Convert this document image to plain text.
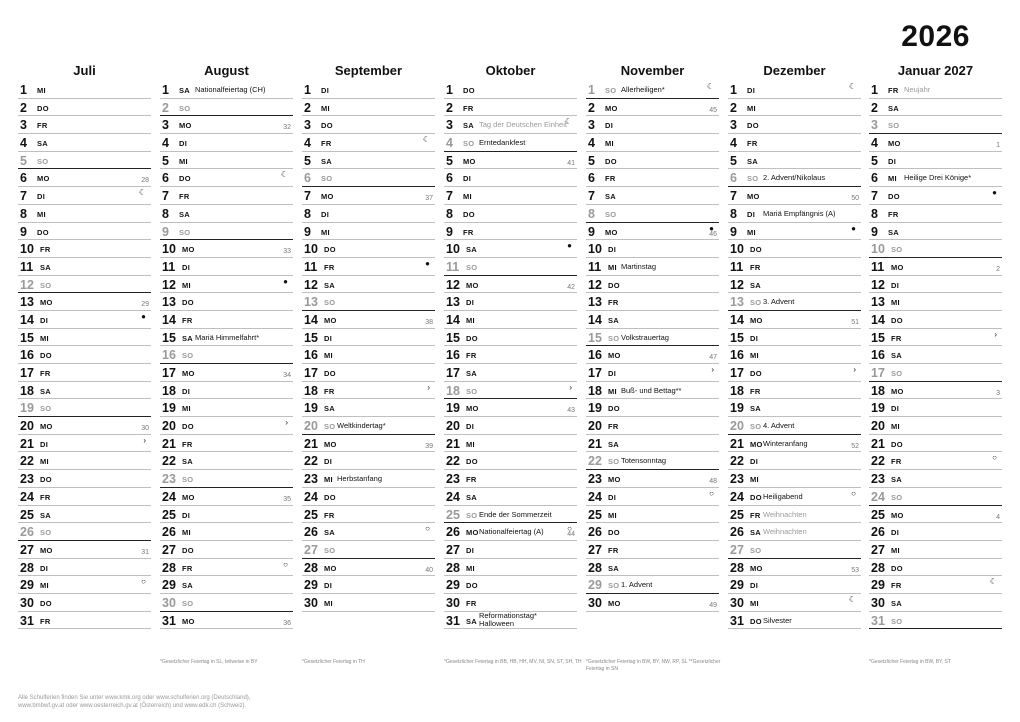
2026
Juli
1 MI
2 DO
3 FR
4 SA
5 SO
6 MO	28
7 DI	☾
8 MI
9 DO
10 FR
11 SA
12 SO
13 MO	29
14 DI	●
15 MI
16 DO
17 FR
18 SA
19 SO
20 MO	30
21 DI	›
22 MI
23 DO
24 FR
25 SA
26 SO
27 MO	31
28 DI
29 MI	○
30 DO
31 FR
August
1 SA Nationalfeiertag (CH)
2 SO
3 MO	32
4 DI
5 MI
6 DO	☾
7 FR
8 SA
9 SO
10 MO	33
11 DI
12 MI	●
13 DO
14 FR
15 SA Mariä Himmelfahrt*
16 SO
17 MO	34
18 DI
19 MI
20 DO	›
21 FR
22 SA
23 SO
24 MO	35
25 DI
26 MI
27 DO
28 FR	○
29 SA
30 SO
31 MO	36
*Gesetzlicher Feiertag in SL, teilweise in BY
September
1 DI
2 MI
3 DO
4 FR	☾
5 SA
6 SO
7 MO	37
8 DI
9 MI
10 DO
11 FR	●
12 SA
13 SO
14 MO	38
15 DI
16 MI
17 DO
18 FR	›
19 SA
20 SO Weltkindertag*
21 MO	39
22 DI
23 MI Herbstanfang
24 DO
25 FR
26 SA	○
27 SO
28 MO	40
29 DI
30 MI
*Gesetzlicher Feiertag in TH
Oktober
1 DO
2 FR
3 SA Tag der Deutschen Einheit
☾
4 SO Erntedankfest
5 MO	41
6 DI
7 MI
8 DO
9 FR
10 SA	●
11 SO
12 MO	42
13 DI
14 MI
15 DO
16 FR
17 SA
18 SO	›
19 MO	43
20 DI
21 MI
22 DO
23 FR
24 SA
25 SO Ende der Sommerzeit
26 MO Nationalfeiertag (A)	44
○
27 DI
28 MI
29 DO
30 FR
31 SA
Reformationstag*
Halloween
*Gesetzlicher Feiertag in BB, HB, HH, MV, NI, SN, ST, SH, TH
November
1 SO Allerheiligen*	☾
2 MO	45
3 DI
4 MI
5 DO
6 FR
7 SA
8 SO
9 MO	46
●
10 DI
11 MI Martinstag
12 DO
13 FR
14 SA
15 SO Volkstrauertag
16 MO	47
17 DI	›
18 MI Buß- und Bettag**
19 DO
20 FR
21 SA
22 SO Totensonntag
23 MO	48
24 DI	○
25 MI
26 DO
27 FR
28 SA
29 SO 1. Advent
30 MO	49
*Gesetzlicher Feiertag in BW, BY, NW, RP, SL **Gesetzlicher Feiertag in SN
Dezember
1 DI	☾
2 MI
3 DO
4 FR
5 SA
6 SO 2. Advent/Nikolaus
7 MO	50
8 DI Mariä Empfängnis (A)
9 MI	●
10 DO
11 FR
12 SA
13 SO 3. Advent
14 MO	51
15 DI
16 MI
17 DO	›
18 FR
19 SA
20 SO 4. Advent
21 MO Winteranfang	52
22 DI
23 MI
24 DO Heiligabend	○
25 FR Weihnachten
26 SA Weihnachten
27 SO
28 MO	53
29 DI
30 MI	☾
31 DO Silvester
Januar 2027
1 FR Neujahr
2 SA
3 SO
4 MO	1
5 DI
6 MI Heilige Drei Könige*
7 DO	●
8 FR
9 SA
10 SO
11 MO	2
12 DI
13 MI
14 DO
15 FR	›
16 SA
17 SO
18 MO	3
19 DI
20 MI
21 DO
22 FR	○
23 SA
24 SO
25 MO	4
26 DI
27 MI
28 DO
29 FR	☾
30 SA
31 SO
*Gesetzlicher Feiertag in BW, BY, ST
Alle Schulferien finden Sie unter www.kmk.org oder www.schulferien.org (Deutschland),
www.bmbwf.gv.at oder www.oesterreich.gv.at (Österreich) und www.edk.ch (Schweiz).
